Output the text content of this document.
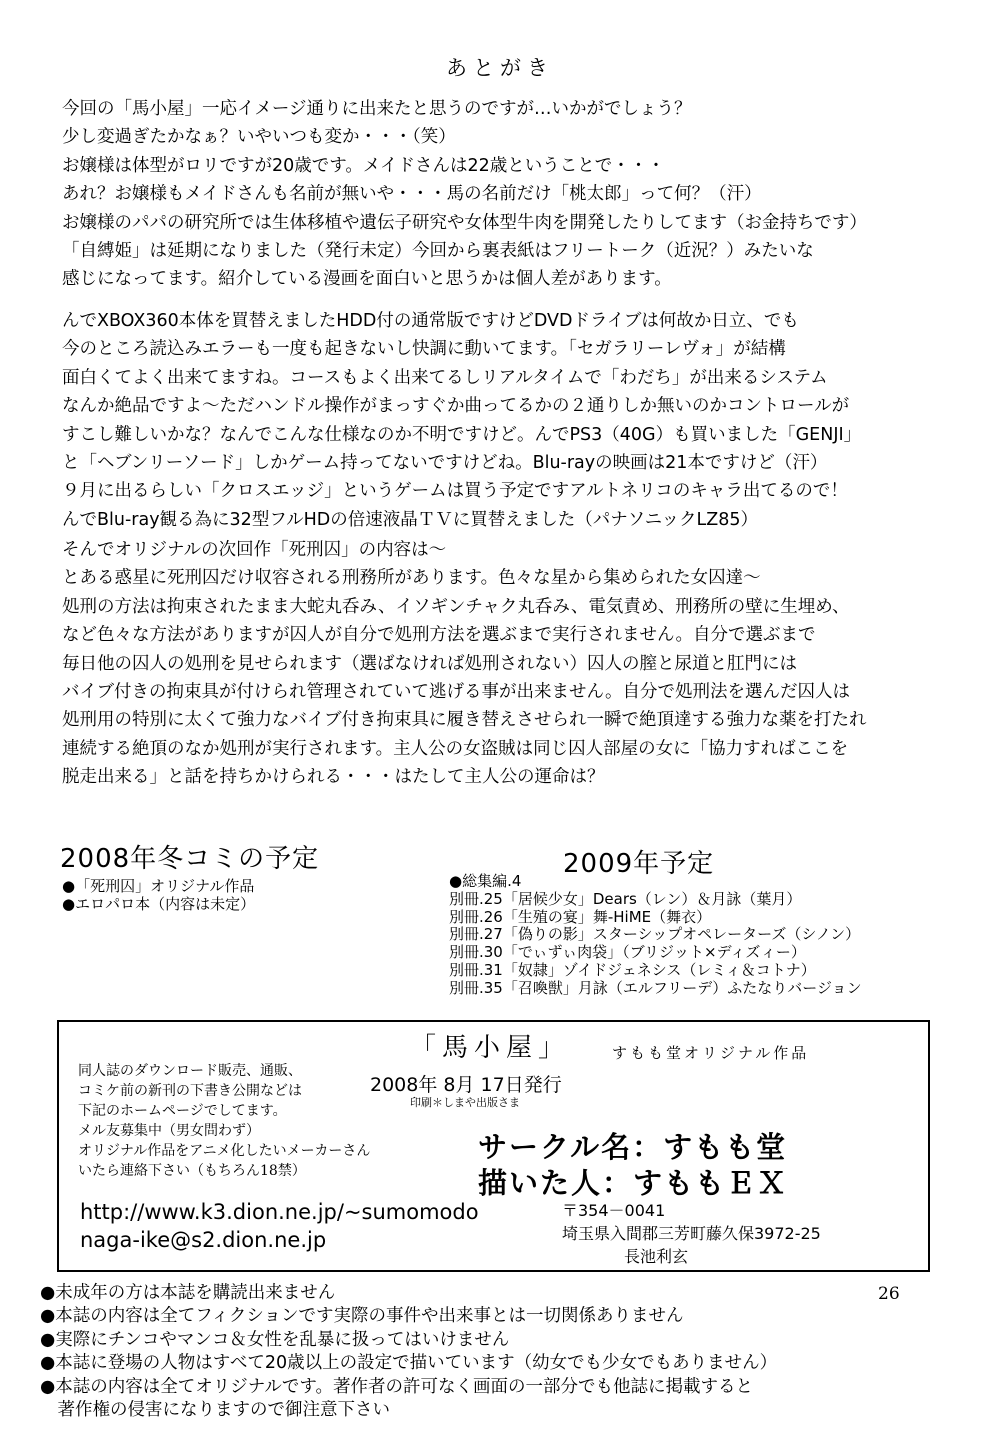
あとがき
今回の「馬小屋」一応イメージ通りに出来たと思うのですが…いかがでしょう？
少し変過ぎたかなぁ？いやいつも変か・・・（笑）
お嬢様は体型がロリですが20歳です。メイドさんは22歳ということで・・・
あれ？お嬢様もメイドさんも名前が無いや・・・馬の名前だけ「桃太郎」って何？（汗）
お嬢様のパパの研究所では生体移植や遺伝子研究や女体型牛肉を開発したりしてます（お金持ちです）
「自縛姫」は延期になりました（発行未定）今回から裏表紙はフリートーク（近況？）みたいな
感じになってます。紹介している漫画を面白いと思うかは個人差があります。
んでXBOX360本体を買替えましたHDD付の通常版ですけどDVDドライブは何故か日立、でも
今のところ読込みエラーも一度も起きないし快調に動いてます。「セガラリーレヴォ」が結構
面白くてよく出来てますね。コースもよく出来てるしリアルタイムで「わだち」が出来るシステム
なんか絶品ですよ～ただハンドル操作がまっすぐか曲ってるかの２通りしか無いのかコントロールが
すこし難しいかな？なんでこんな仕様なのか不明ですけど。んでPS3（40G）も買いました「GENJI」
と「ヘブンリーソード」しかゲーム持ってないですけどね。Blu-rayの映画は21本ですけど（汗）
９月に出るらしい「クロスエッジ」というゲームは買う予定ですアルトネリコのキャラ出てるので！
んでBlu-ray観る為に32型フルHDの倍速液晶ＴＶに買替えました（パナソニックLZ85）
そんでオリジナルの次回作「死刑囚」の内容は～
とある惑星に死刑囚だけ収容される刑務所があります。色々な星から集められた女囚達～
処刑の方法は拘束されたまま大蛇丸呑み、イソギンチャク丸呑み、電気責め、刑務所の壁に生埋め、
など色々な方法がありますが囚人が自分で処刑方法を選ぶまで実行されません。自分で選ぶまで
毎日他の囚人の処刑を見せられます（選ばなければ処刑されない）囚人の膣と尿道と肛門には
バイブ付きの拘束具が付けられ管理されていて逃げる事が出来ません。自分で処刑法を選んだ囚人は
処刑用の特別に太くて強力なバイブ付き拘束具に履き替えさせられ一瞬で絶頂達する強力な薬を打たれ
連続する絶頂のなか処刑が実行されます。主人公の女盗賊は同じ囚人部屋の女に「協力すればここを
脱走出来る」と話を持ちかけられる・・・はたして主人公の運命は？
2008年冬コミの予定
●「死刑囚」オリジナル作品
●エロパロ本（内容は未定）
2009年予定
●総集編.4
別冊.25「居候少女」Dears（レン）＆月詠（葉月）
別冊.26「生殖の宴」舞-HiME（舞衣）
別冊.27「偽りの影」スターシップオペレーターズ（シノン）
別冊.30「でぃずぃ肉袋」（ブリジット×ディズィー）
別冊.31「奴隷」ゾイドジェネシス（レミィ＆コトナ）
別冊.35「召喚獣」月詠（エルフリーデ）ふたなりバージョン
「馬小屋」	すもも堂オリジナル作品
同人誌のダウンロード販売、通販、
コミケ前の新刊の下書き公開などは
下記のホームページでしてます。
メル友募集中（男女問わず）
オリジナル作品をアニメ化したいメーカーさん
いたら連絡下さい（もちろん18禁）
2008年 8月 17日発行
印刷＊しまや出版さま
サークル名：すもも堂
描いた人：すももＥＸ
http://www.k3.dion.ne.jp/~sumomodo
naga-ike@s2.dion.ne.jp
〒354－0041
埼玉県入間郡三芳町藤久保3972-25
長池利玄
26
●未成年の方は本誌を購読出来ません
●本誌の内容は全てフィクションです実際の事件や出来事とは一切関係ありません
●実際にチンコやマンコ＆女性を乱暴に扱ってはいけません
●本誌に登場の人物はすべて20歳以上の設定で描いています（幼女でも少女でもありません）
●本誌の内容は全てオリジナルです。著作者の許可なく画面の一部分でも他誌に掲載すると
　著作権の侵害になりますので御注意下さい
